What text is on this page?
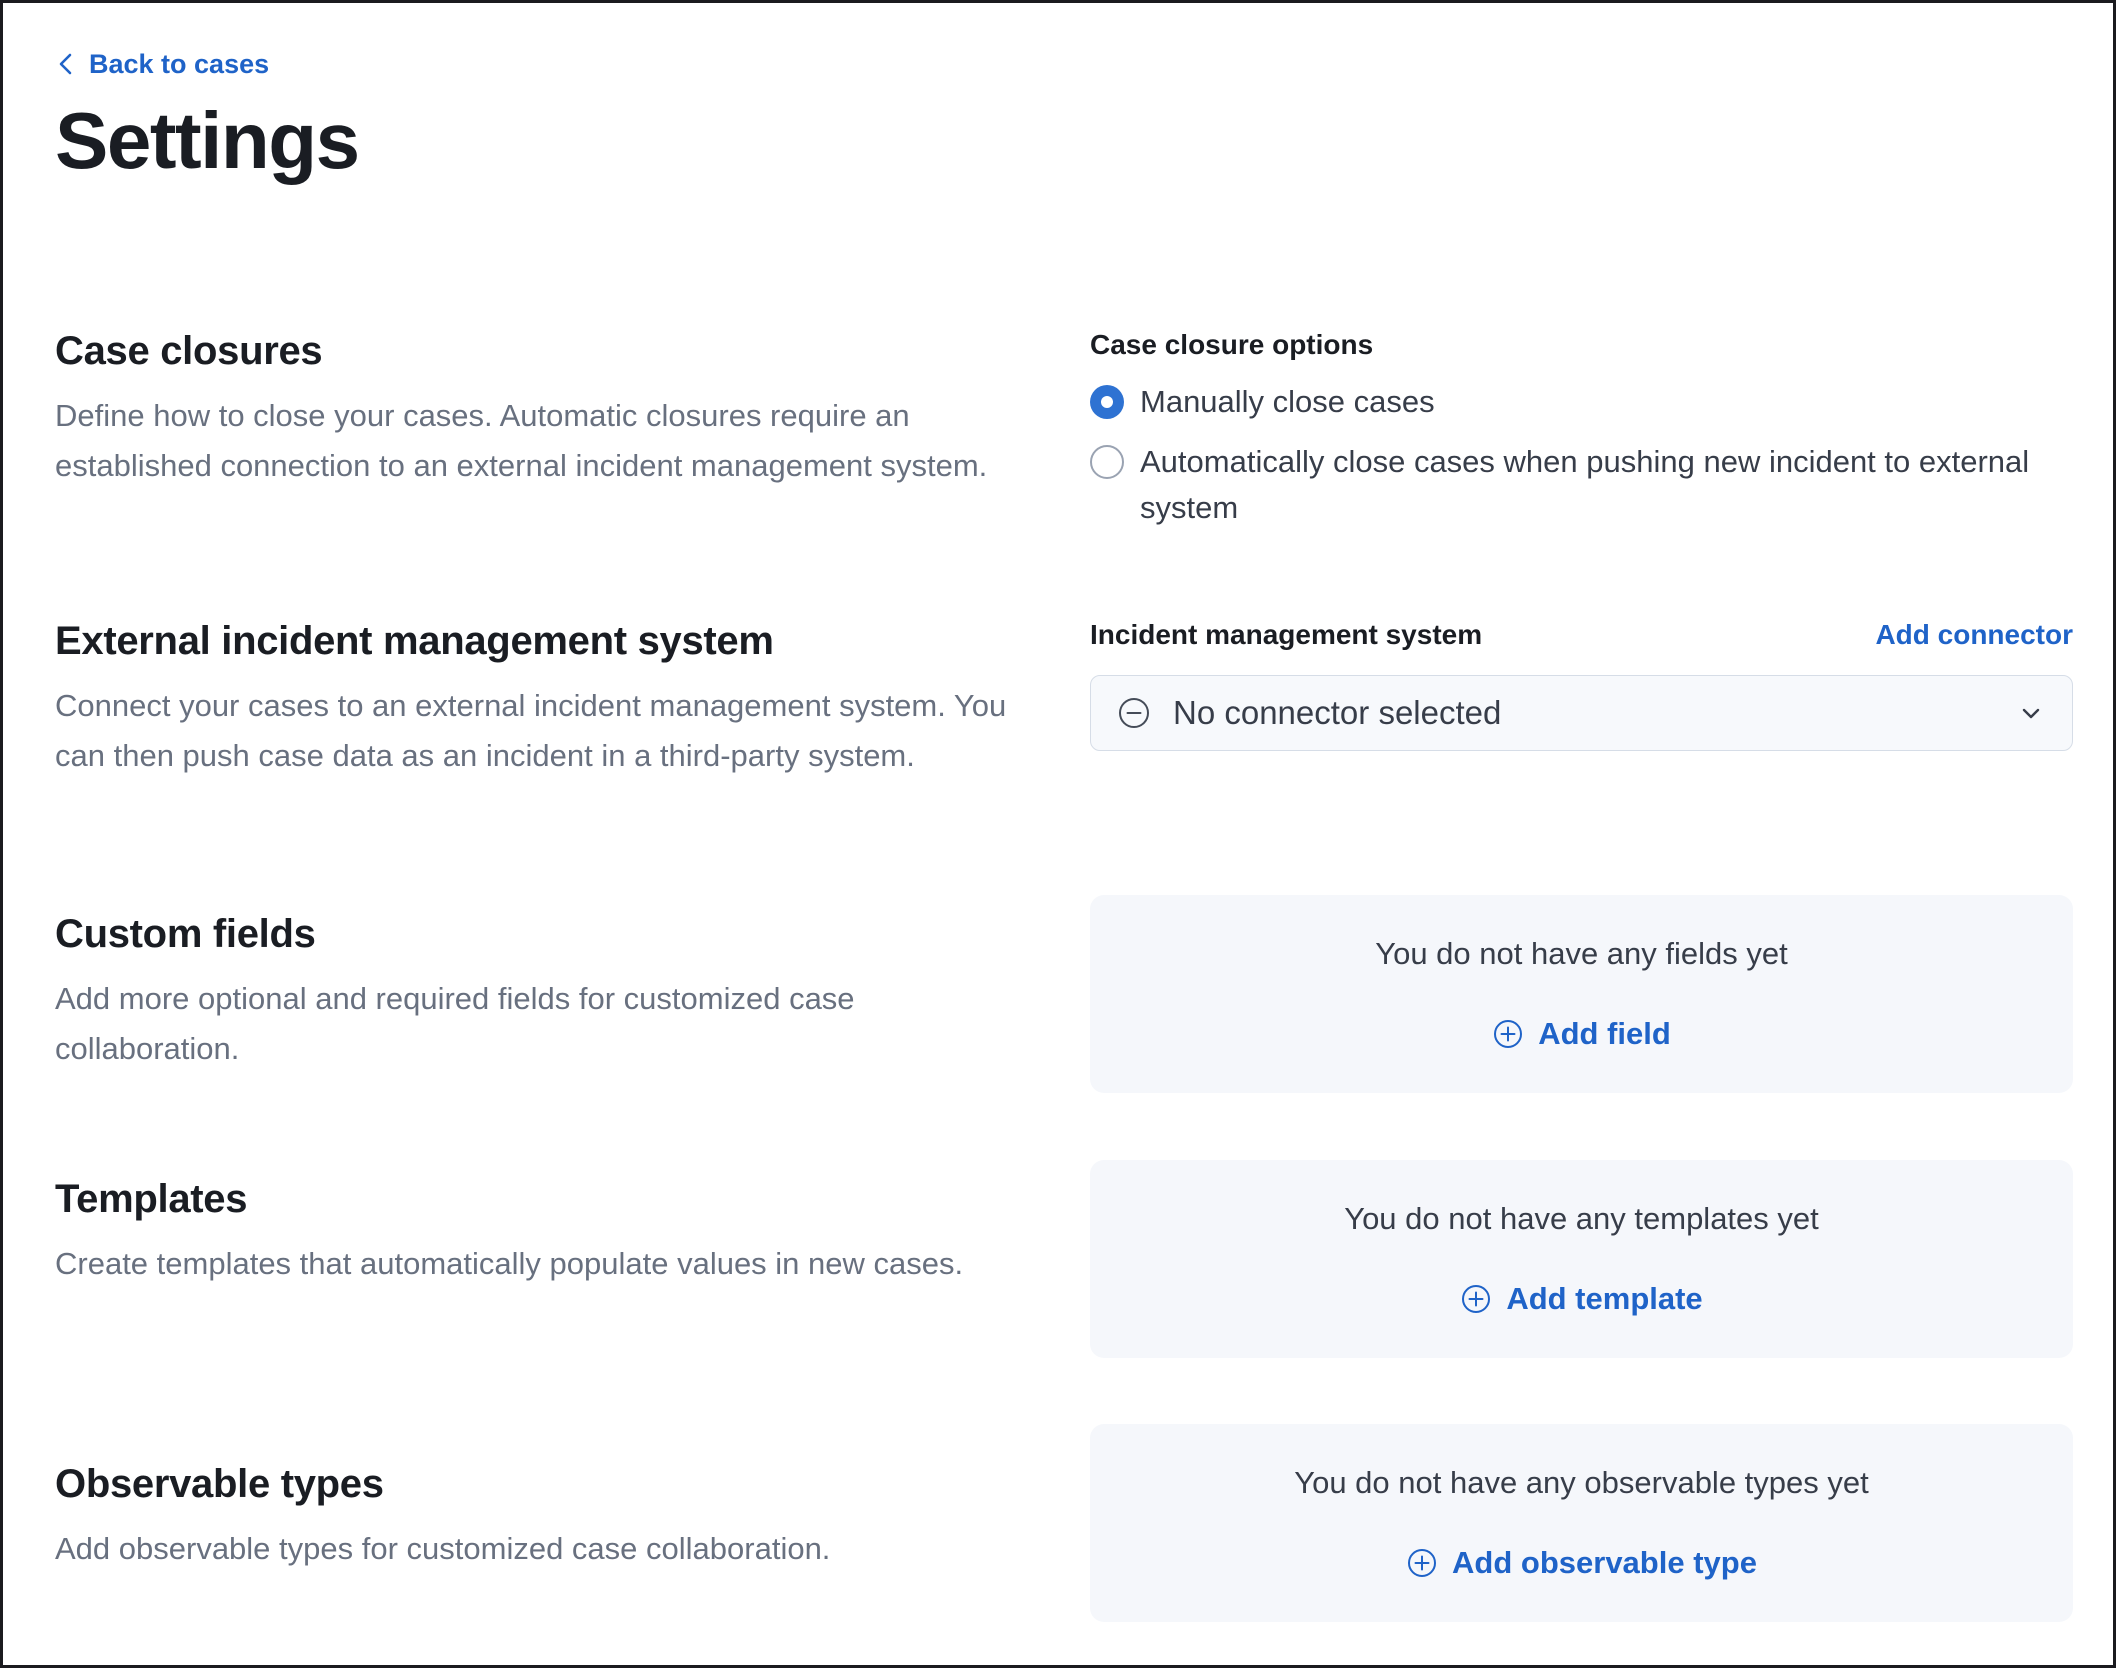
Back to cases
Settings
Case closures

Define how to close your cases. Automatic closures require an established connection to an external incident management system.

Case closure options
Manually close cases
Automatically close cases when pushing new incident to external system
External incident management system

Connect your cases to an external incident management system. You can then push case data as an incident in a third-party system.

Incident management system	Add connector
No connector selected
Custom fields

Add more optional and required fields for customized case collaboration.

You do not have any fields yet
Add field
Templates

Create templates that automatically populate values in new cases.

You do not have any templates yet
Add template
Observable types

Add observable types for customized case collaboration.

You do not have any observable types yet
Add observable type
